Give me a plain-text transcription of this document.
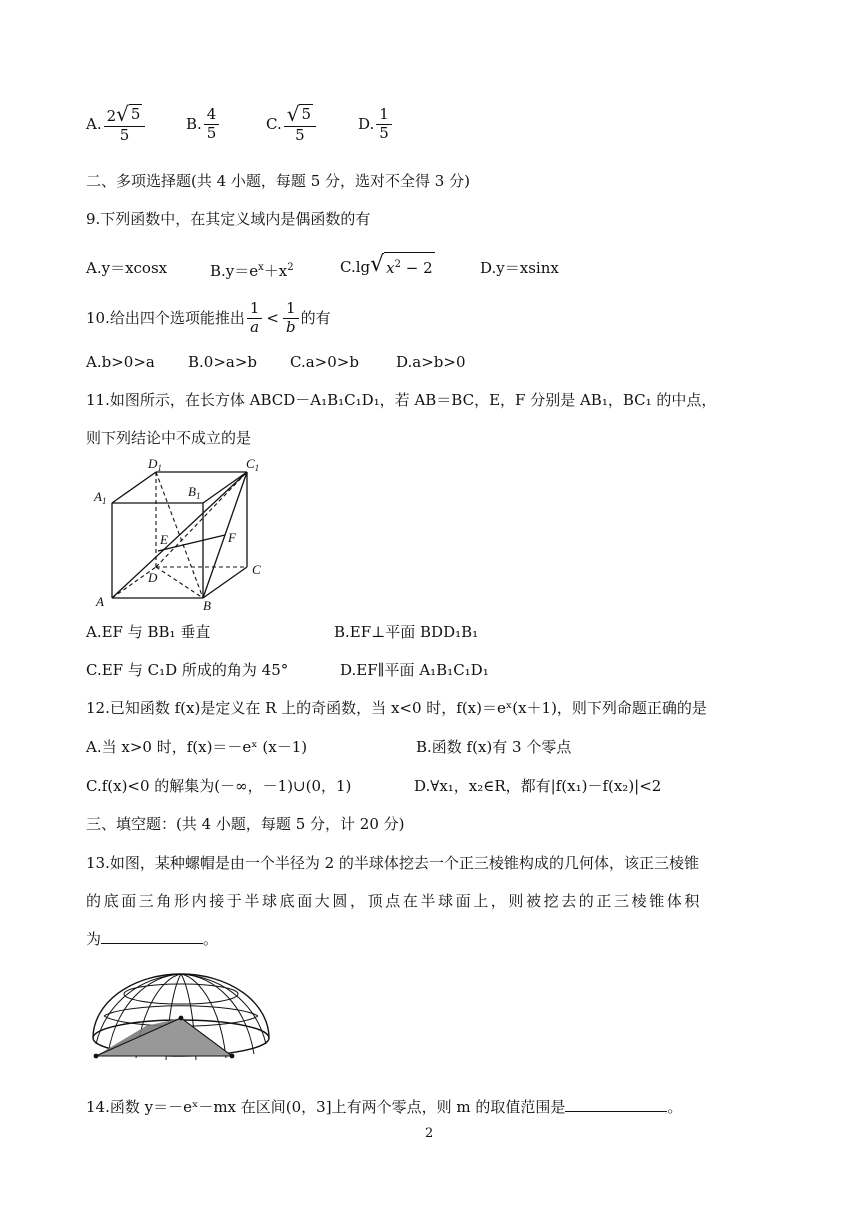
A. $\frac{2 √ 5}{5}$	B. $\frac{4}{5}$	C. $\frac{√ 5}{5}$	D. $\frac{1}{5}$
二、多项选择题(共 4 小题，每题 5 分，选对不全得 3 分)
9.下列函数中，在其定义域内是偶函数的有
A.y＝xcosx	$B.y=e^x+x^2$	C.lg √ $x^2 - 2$	D.y＝xsinx
10.给出四个选项能推出 $\frac{1}{a} < \frac{1}{b}$ 的有
A.b>0>a B.0>a>b C.a>0>b D.a>b>0
11.如图所示，在长方体 ABCD－A₁B₁C₁D₁，若 AB＝BC，E，F 分别是 AB₁，BC₁ 的中点，
则下列结论中不成立的是
$D_1$	$C_1$
$A_1$
$B_1$
E	F
D
C
A	B
A.EF 与 BB₁ 垂直	B.EF⊥平面 BDD₁B₁
C.EF 与 C₁D 所成的角为 45°	D.EF∥平面 A₁B₁C₁D₁
12.已知函数 f(x)是定义在 R 上的奇函数，当 x<0 时，f(x)＝eˣ(x＋1)，则下列命题正确的是
A.当 x>0 时，f(x)＝－eˣ (x－1)	B.函数 f(x)有 3 个零点
C.f(x)<0 的解集为(－∞，－1)∪(0，1)	D.∀x₁，x₂∈R，都有|f(x₁)－f(x₂)|<2
三、填空题：(共 4 小题，每题 5 分，计 20 分)
13.如图，某种螺帽是由一个半径为 2 的半球体挖去一个正三棱锥构成的几何体，该正三棱锥
的底面三角形内接于半球底面大圆，顶点在半球面上，则被挖去的正三棱锥体积
为	。
14.函数 y＝－eˣ－mx 在区间(0，3]上有两个零点，则 m 的取值范围是	。
2
